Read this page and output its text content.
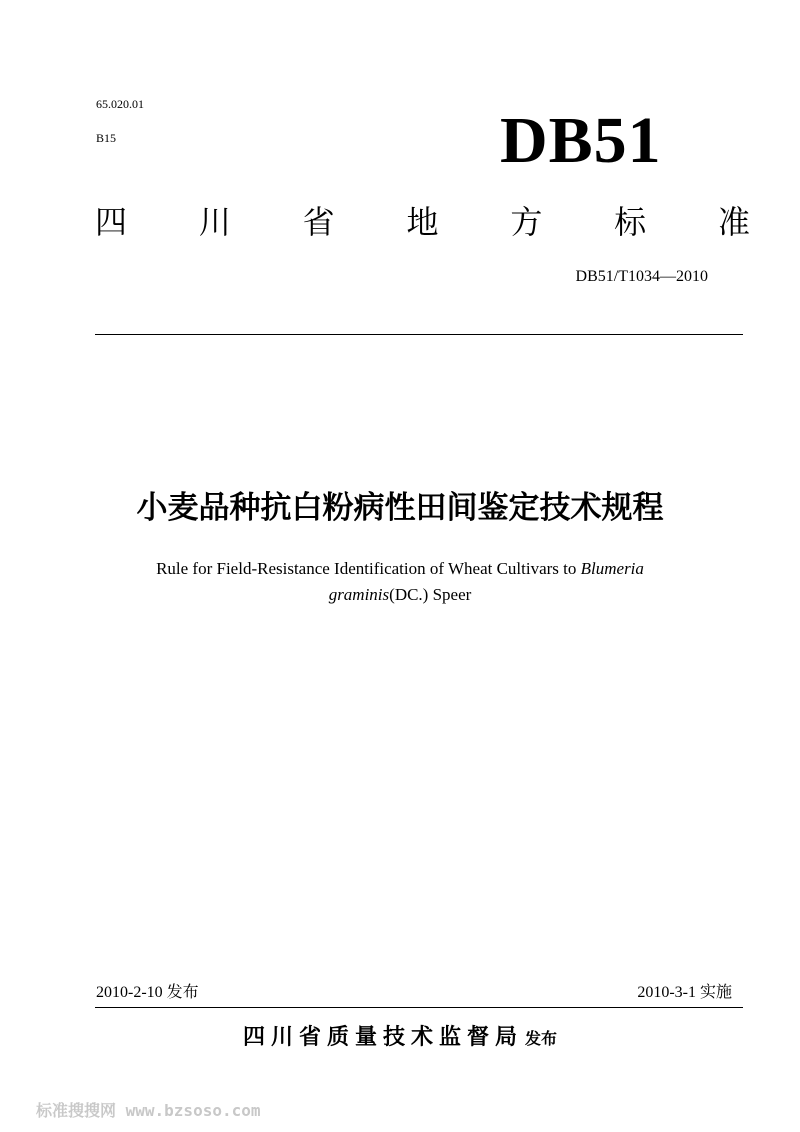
65.020.01
B15	DB51
四 川 省 地 方 标 准
DB51/T1034—2010
小麦品种抗白粉病性田间鉴定技术规程
Rule for Field-Resistance Identification of Wheat Cultivars to Blumeria
graminis(DC.) Speer
2010-2-10 发布	2010-3-1 实施
四川省质量技术监督局 发布
标准搜搜网 www.bzsoso.com
